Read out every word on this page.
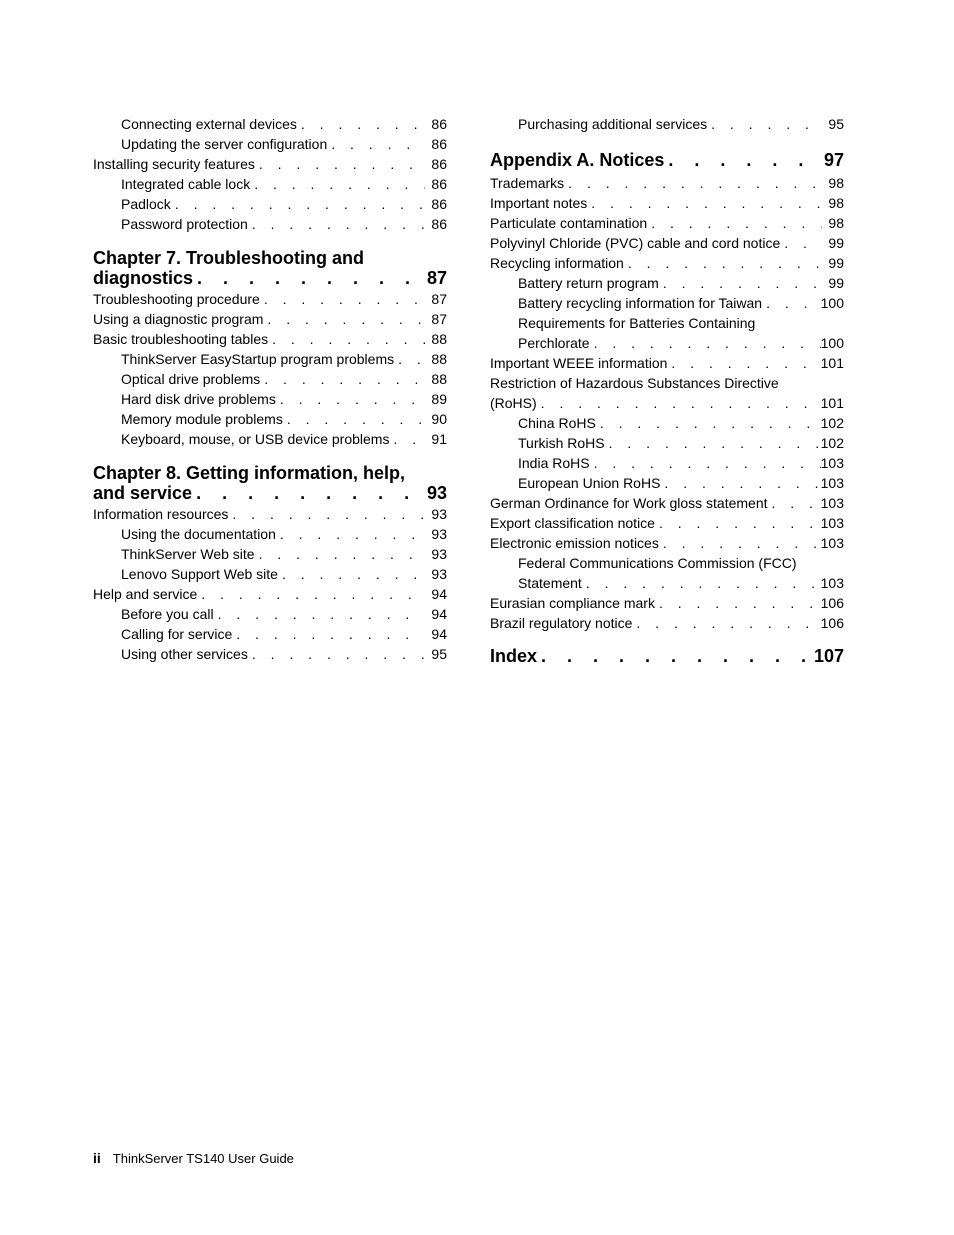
Connecting external devices . . .	86
Updating the server configuration . . .	86
Installing security features . . .	86
Integrated cable lock . . .	86
Padlock . . .	86
Password protection . . .	86
Chapter 7. Troubleshooting and
diagnostics . . .	87
Troubleshooting procedure . . .	87
Using a diagnostic program . . .	87
Basic troubleshooting tables . . .	88
ThinkServer EasyStartup program problems . . .	88
Optical drive problems . . .	88
Hard disk drive problems . . .	89
Memory module problems . . .	90
Keyboard, mouse, or USB device problems . . .	91
Chapter 8. Getting information, help,
and service . . .	93
Information resources . . .	93
Using the documentation . . .	93
ThinkServer Web site . . .	93
Lenovo Support Web site . . .	93
Help and service . . .	94
Before you call . . .	94
Calling for service . . .	94
Using other services . . .	95
Purchasing additional services . . .	95
Appendix A. Notices . . .	97
Trademarks . . .	98
Important notes . . .	98
Particulate contamination . . .	98
Polyvinyl Chloride (PVC) cable and cord notice . . .	99
Recycling information . . .	99
Battery return program . . .	99
Battery recycling information for Taiwan . . .	100
Requirements for Batteries Containing
Perchlorate . . .	100
Important WEEE information . . .	101
Restriction of Hazardous Substances Directive
(RoHS) . . .	101
China RoHS . . .	102
Turkish RoHS . . .	102
India RoHS . . .	103
European Union RoHS . . .	103
German Ordinance for Work gloss statement . . .	103
Export classification notice . . .	103
Electronic emission notices . . .	103
Federal Communications Commission (FCC)
Statement . . .	103
Eurasian compliance mark . . .	106
Brazil regulatory notice . . .	106
Index . . .	107
ii ThinkServer TS140 User Guide
